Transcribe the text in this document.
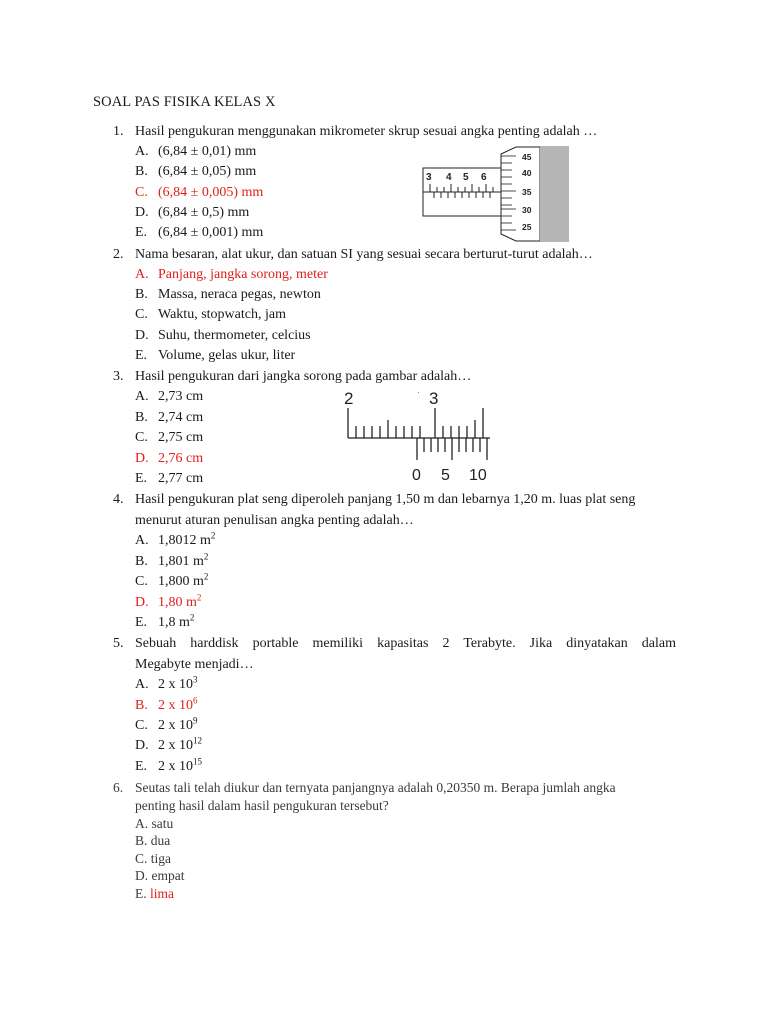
SOAL PAS FISIKA KELAS X
1. Hasil pengukuran menggunakan mikrometer skrup sesuai angka penting adalah …
A. (6,84 ± 0,01) mm
B. (6,84 ± 0,05) mm
C. (6,84 ± 0,005) mm
D. (6,84 ± 0,5) mm
E. (6,84 ± 0,001) mm
3 4 5 6
45
40
35
30
25
2. Nama besaran, alat ukur, dan satuan SI yang sesuai secara berturut-turut adalah…
A. Panjang, jangka sorong, meter
B. Massa, neraca pegas, newton
C. Waktu, stopwatch, jam
D. Suhu, thermometer, celcius
E. Volume, gelas ukur, liter
3. Hasil pengukuran dari jangka sorong pada gambar adalah…
A. 2,73 cm
B. 2,74 cm
C. 2,75 cm
D. 2,76 cm
E. 2,77 cm
2	3
·
0 5 10
4. Hasil pengukuran plat seng diperoleh panjang 1,50 m dan lebarnya 1,20 m. luas plat seng
menurut aturan penulisan angka penting adalah…
A. 1,8012 $m^2$
B. 1,801 $m^2$
C. 1,800 $m^2$
D. 1,80 $m^2$
E. 1,8 $m^2$
5. Sebuah harddisk portable memiliki kapasitas 2 Terabyte. Jika dinyatakan dalam
Megabyte menjadi…
A. 2 x $10^3$
B. 2 x $10^6$
C. 2 x $10^9$
D. 2 x $10^{12}$
E. 2 x $10^{15}$
6. Seutas tali telah diukur dan ternyata panjangnya adalah 0,20350 m. Berapa jumlah angka
penting hasil dalam hasil pengukuran tersebut?
A. satu
B. dua
C. tiga
D. empat
E. lima
